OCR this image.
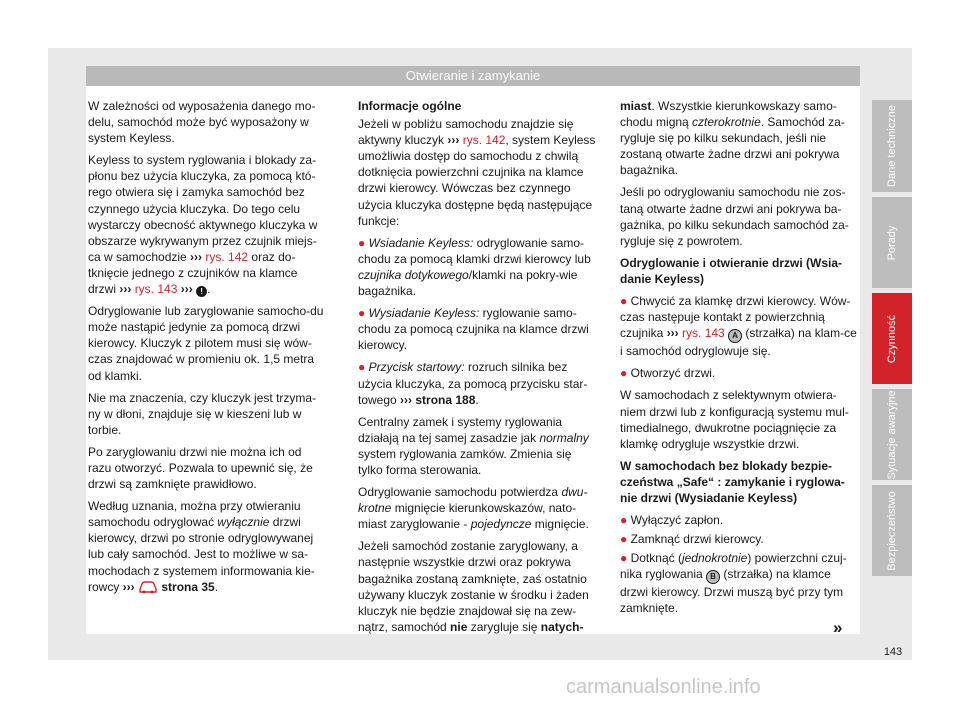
Otwieranie i zamykanie

W zależności od wyposażenia danego mo-delu, samochód może być wyposażony w system Keyless.

Keyless to system ryglowania i blokady za-płonu bez użycia kluczyka, za pomocą któ-rego otwiera się i zamyka samochód bez czynnego użycia kluczyka. Do tego celu wystarczy obecność aktywnego kluczyka w obszarze wykrywanym przez czujnik miejs-ca w samochodzie ››› rys. 142 oraz do-tknięcie jednego z czujników na klamce drzwi ››› rys. 143 ››› ! .

Odryglowanie lub zaryglowanie samocho-du może nastąpić jedynie za pomocą drzwi kierowcy. Kluczyk z pilotem musi się wów-czas znajdować w promieniu ok. 1,5 metra od klamki.

Nie ma znaczenia, czy kluczyk jest trzyma-ny w dłoni, znajduje się w kieszeni lub w torbie.

Po zaryglowaniu drzwi nie można ich od razu otworzyć. Pozwala to upewnić się, że drzwi są zamknięte prawidłowo.

Według uznania, można przy otwieraniu samochodu odryglować wyłącznie drzwi kierowcy, drzwi po stronie odryglowywanej lub cały samochód. Jest to możliwe w sa-mochodach z systemem informowania kie-rowcy ››› strona 35.

Informacje ogólne

Jeżeli w pobliżu samochodu znajdzie się aktywny kluczyk ››› rys. 142, system Keyless umożliwia dostęp do samochodu z chwilą dotknięcia powierzchni czujnika na klamce drzwi kierowcy. Wówczas bez czynnego użycia kluczyka dostępne będą następujące funkcje:

● Wsiadanie Keyless: odryglowanie samo-chodu za pomocą klamki drzwi kierowcy lub czujnika dotykowego/klamki na pokry-wie bagażnika.

● Wysiadanie Keyless: ryglowanie samo-chodu za pomocą czujnika na klamce drzwi kierowcy.

● Przycisk startowy: rozruch silnika bez użycia kluczyka, za pomocą przycisku star-towego ››› strona 188.

Centralny zamek i systemy ryglowania działają na tej samej zasadzie jak normalny system ryglowania zamków. Zmienia się tylko forma sterowania.

Odryglowanie samochodu potwierdza dwu-krotne mignięcie kierunkowskazów, nato-miast zaryglowanie - pojedyncze mignięcie.

Jeżeli samochód zostanie zaryglowany, a następnie wszystkie drzwi oraz pokrywa bagażnika zostaną zamknięte, zaś ostatnio używany kluczyk zostanie w środku i żaden kluczyk nie będzie znajdował się na zew-nątrz, samochód nie zarygluje się natych-

miast. Wszystkie kierunkowskazy samo-chodu migną czterokrotnie. Samochód za-rygluje się po kilku sekundach, jeśli nie zostaną otwarte żadne drzwi ani pokrywa bagażnika.

Jeśli po odryglowaniu samochodu nie zos-taną otwarte żadne drzwi ani pokrywa ba-gażnika, po kilku sekundach samochód za-rygluje się z powrotem.

Odryglowanie i otwieranie drzwi (Wsia-danie Keyless)

● Chwycić za klamkę drzwi kierowcy. Wów-czas następuje kontakt z powierzchnią czujnika ››› rys. 143 A (strzałka) na klam-ce i samochód odryglowuje się.

● Otworzyć drzwi.

W samochodach z selektywnym otwiera-niem drzwi lub z konfiguracją systemu mul-timedialnego, dwukrotne pociągnięcie za klamkę odrygluje wszystkie drzwi.

W samochodach bez blokady bezpie-czeństwa „Safe“ : zamykanie i ryglowa-nie drzwi (Wysiadanie Keyless)

● Wyłączyć zapłon.

● Zamknąć drzwi kierowcy.

● Dotknąć (jednokrotnie) powierzchni czuj-nika ryglowania B (strzałka) na klamce drzwi kierowcy. Drzwi muszą być przy tym zamknięte.

»
Dane techniczne
Porady
Czynność
Sytuacje awaryjne
Bezpieczeństwo
143
carmanualsonline.info
